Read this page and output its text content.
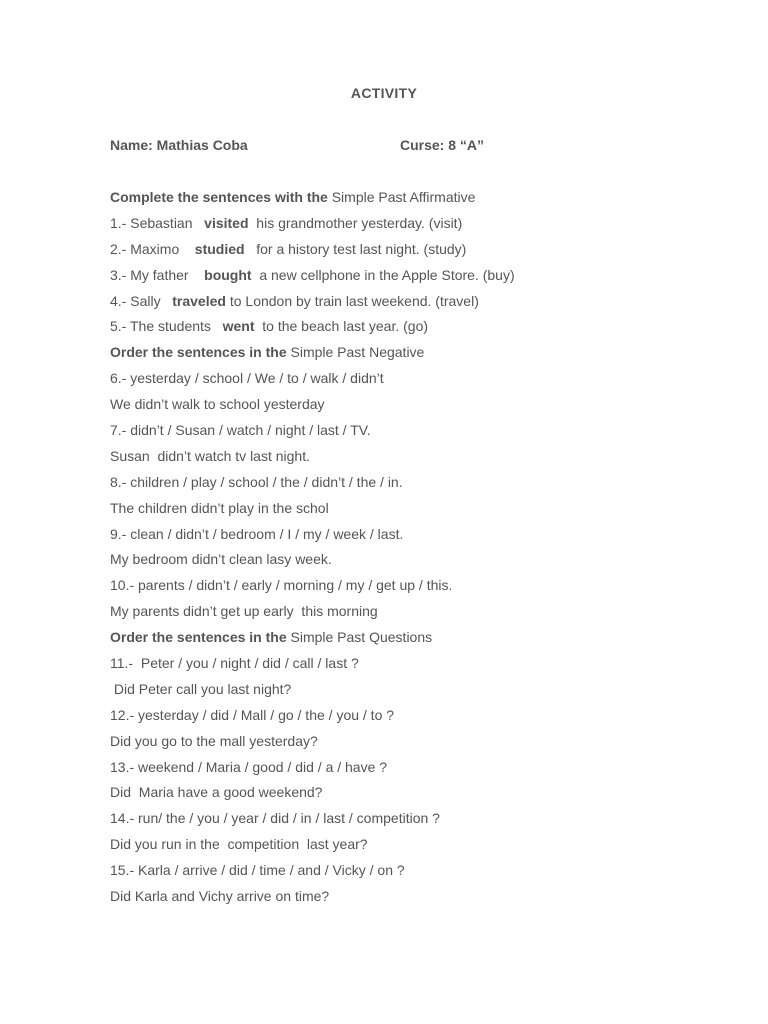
ACTIVITY
Name: Mathias Coba	Curse: 8 “A”
Complete the sentences with the Simple Past Affirmative
1.- Sebastian   visited  his grandmother yesterday. (visit)
2.- Maximo    studied   for a history test last night. (study)
3.- My father    bought  a new cellphone in the Apple Store. (buy)
4.- Sally   traveled to London by train last weekend. (travel)
5.- The students   went  to the beach last year. (go)
Order the sentences in the Simple Past Negative
6.- yesterday / school / We / to / walk / didn’t
We didn’t walk to school yesterday
7.- didn’t / Susan / watch / night / last / TV.
Susan  didn’t watch tv last night.
8.- children / play / school / the / didn’t / the / in.
The children didn’t play in the schol
9.- clean / didn’t / bedroom / I / my / week / last.
My bedroom didn’t clean lasy week.
10.- parents / didn’t / early / morning / my / get up / this.
My parents didn’t get up early  this morning
Order the sentences in the Simple Past Questions
11.-  Peter / you / night / did / call / last ?
Did Peter call you last night?
12.- yesterday / did / Mall / go / the / you / to ?
Did you go to the mall yesterday?
13.- weekend / Maria / good / did / a / have ?
Did  Maria have a good weekend?
14.- run/ the / you / year / did / in / last / competition ?
Did you run in the  competition  last year?
15.- Karla / arrive / did / time / and / Vicky / on ?
Did Karla and Vichy arrive on time?
